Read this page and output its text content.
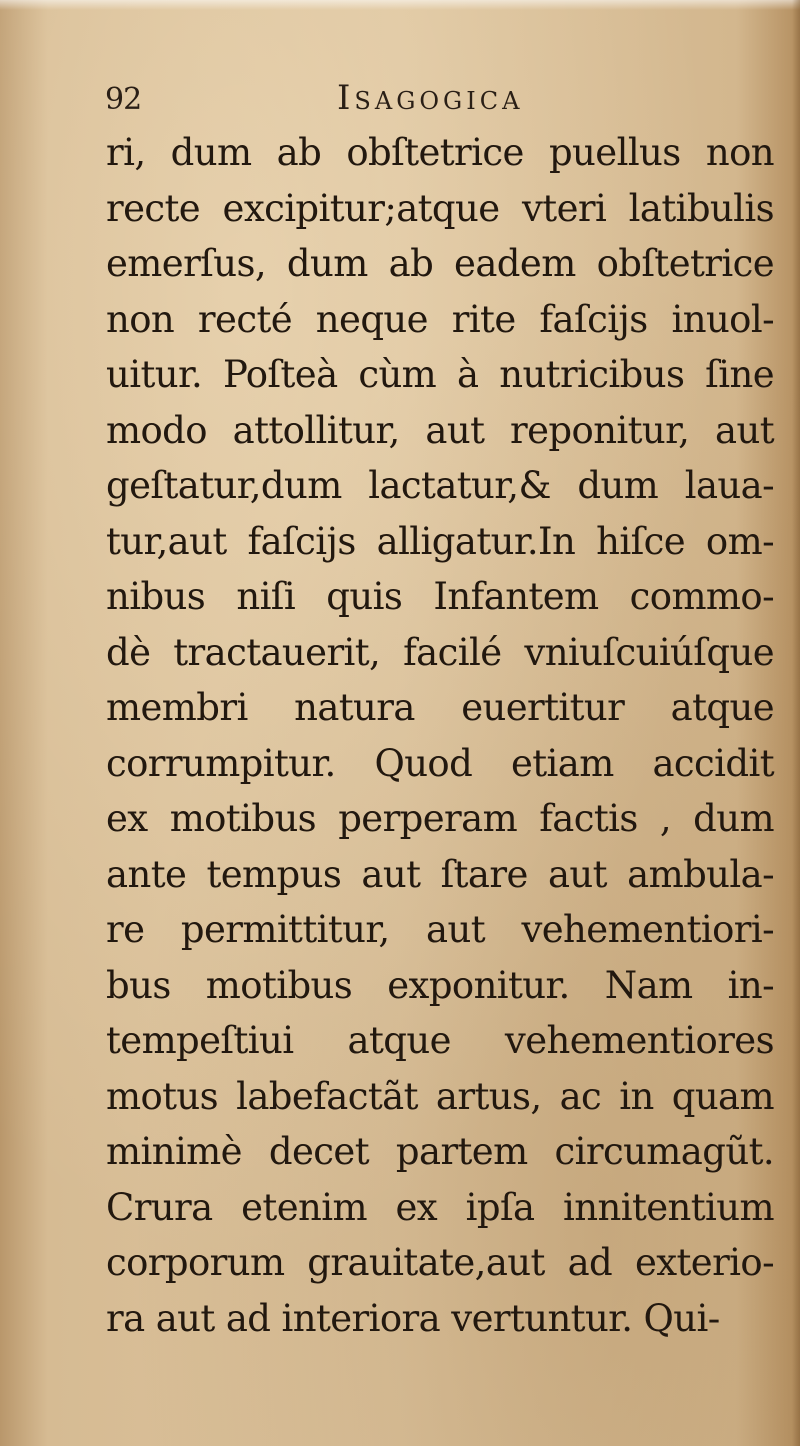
92	Isagogica
ri, dum ab obſtetrice puellus non
recte excipitur;atque vteri latibulis
emerſus, dum ab eadem obſtetrice
non recté neque rite faſcijs inuol-
uitur. Poſteà cùm à nutricibus ſine
modo attollitur, aut reponitur, aut
geſtatur,dum lactatur,& dum laua-
tur,aut faſcijs alligatur.In hiſce om-
nibus niſi quis Infantem commo-
dè tractauerit, facilé vniuſcuiúſque
membri natura euertitur atque
corrumpitur. Quod etiam accidit
ex motibus perperam factis , dum
ante tempus aut ſtare aut ambula-
re permittitur, aut vehementiori-
bus motibus exponitur. Nam in-
tempeſtiui atque vehementiores
motus labefactãt artus, ac in quam
minimè decet partem circumagũt.
Crura etenim ex ipſa innitentium
corporum grauitate,aut ad exterio-
ra aut ad interiora vertuntur. Qui-
